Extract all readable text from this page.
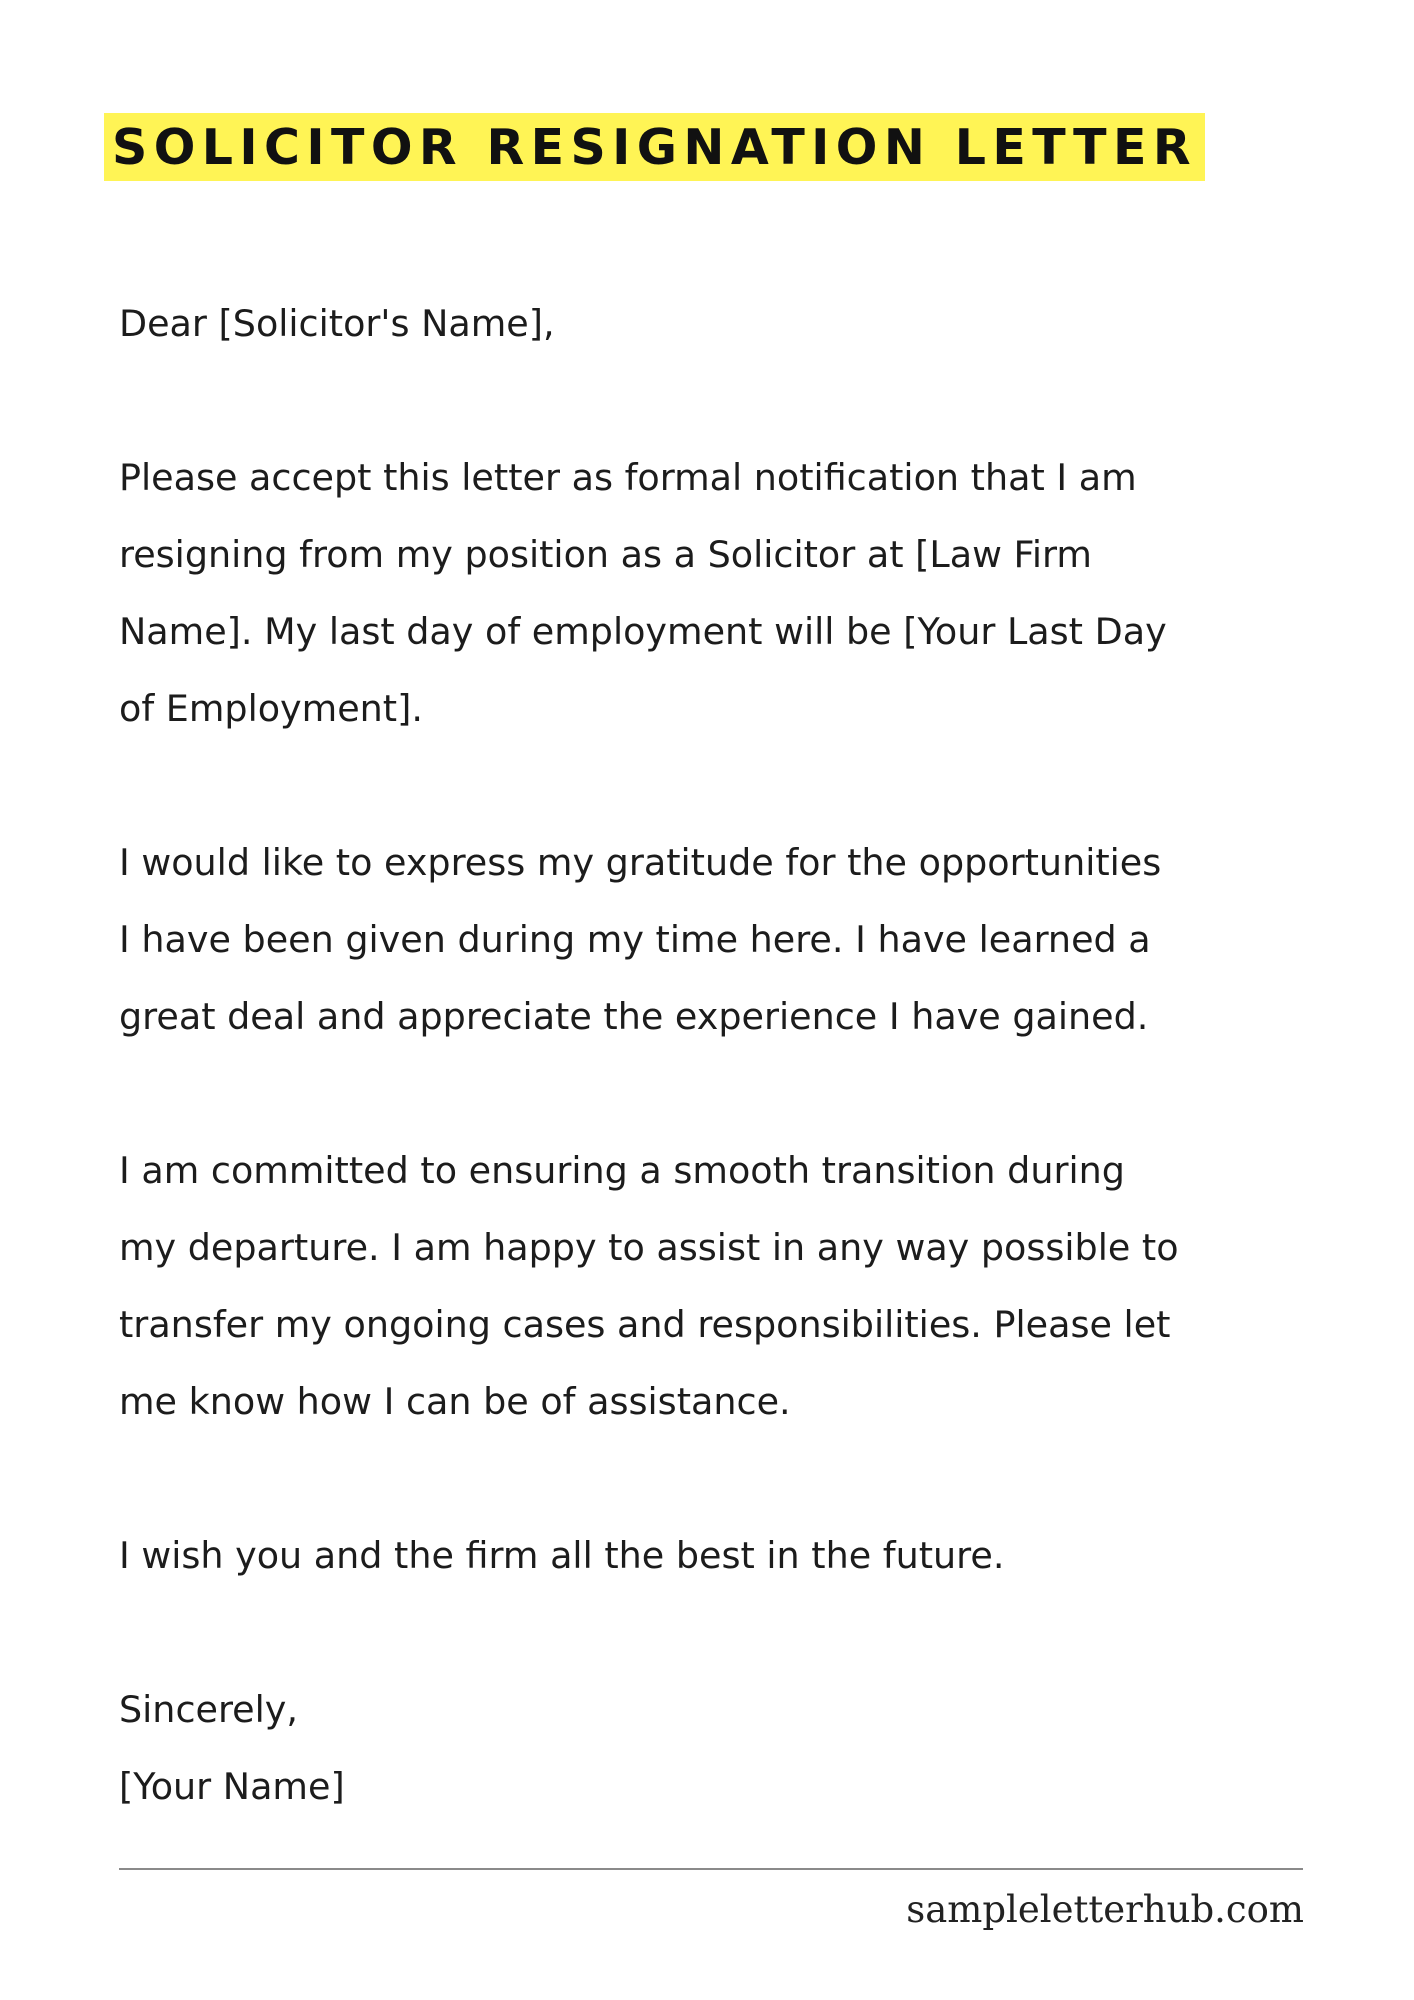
SOLICITOR RESIGNATION LETTER

Dear [Solicitor's Name],

Please accept this letter as formal notification that I am
resigning from my position as a Solicitor at [Law Firm
Name]. My last day of employment will be [Your Last Day
of Employment].

I would like to express my gratitude for the opportunities
I have been given during my time here. I have learned a
great deal and appreciate the experience I have gained.

I am committed to ensuring a smooth transition during
my departure. I am happy to assist in any way possible to
transfer my ongoing cases and responsibilities. Please let
me know how I can be of assistance.

I wish you and the firm all the best in the future.

Sincerely,
[Your Name]
sampleletterhub.com
